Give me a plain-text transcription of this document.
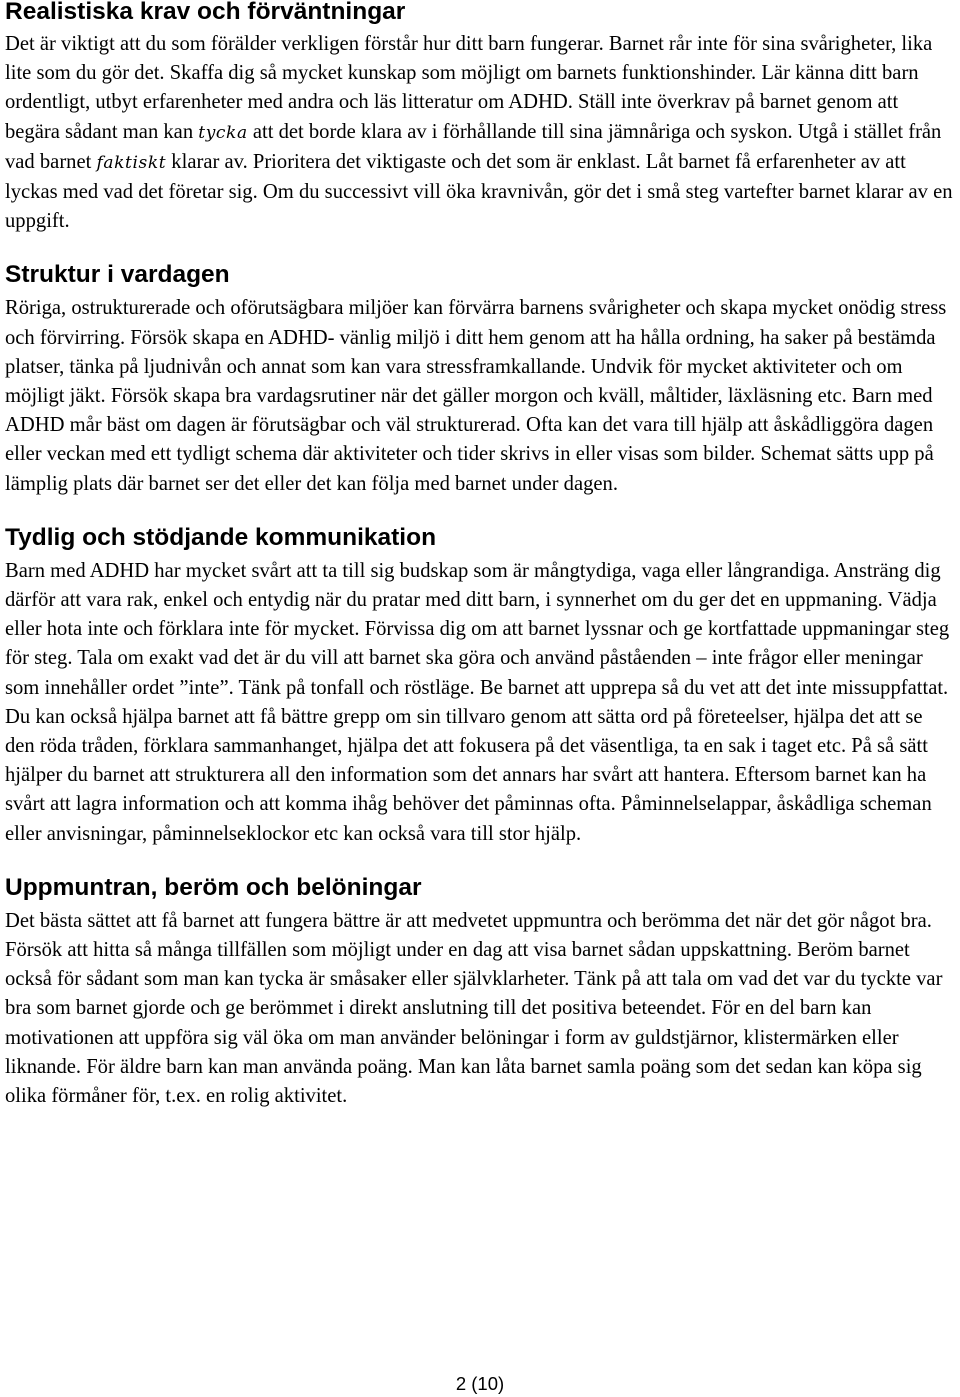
Realistiska krav och förväntningar

Det är viktigt att du som förälder verkligen förstår hur ditt barn fungerar. Barnet rår inte för sina svårigheter, lika lite som du gör det. Skaffa dig så mycket kunskap som möjligt om barnets funktionshinder. Lär känna ditt barn ordentligt, utbyt erfarenheter med andra och läs litteratur om ADHD. Ställ inte överkrav på barnet genom att begära sådant man kan tycka att det borde klara av i förhållande till sina jämnåriga och syskon. Utgå i stället från vad barnet faktiskt klarar av. Prioritera det viktigaste och det som är enklast. Låt barnet få erfarenheter av att lyckas med vad det företar sig. Om du successivt vill öka kravnivån, gör det i små steg vartefter barnet klarar av en uppgift.

Struktur i vardagen

Röriga, ostrukturerade och oförutsägbara miljöer kan förvärra barnens svårigheter och skapa mycket onödig stress och förvirring. Försök skapa en ADHD- vänlig miljö i ditt hem genom att ha hålla ordning, ha saker på bestämda platser, tänka på ljudnivån och annat som kan vara stressframkallande. Undvik för mycket aktiviteter och om möjligt jäkt. Försök skapa bra vardagsrutiner när det gäller morgon och kväll, måltider, läxläsning etc. Barn med ADHD mår bäst om dagen är förutsägbar och väl strukturerad. Ofta kan det vara till hjälp att åskådliggöra dagen eller veckan med ett tydligt schema där aktiviteter och tider skrivs in eller visas som bilder. Schemat sätts upp på lämplig plats där barnet ser det eller det kan följa med barnet under dagen.

Tydlig och stödjande kommunikation

Barn med ADHD har mycket svårt att ta till sig budskap som är mångtydiga, vaga eller långrandiga. Ansträng dig därför att vara rak, enkel och entydig när du pratar med ditt barn, i synnerhet om du ger det en uppmaning. Vädja eller hota inte och förklara inte för mycket. Förvissa dig om att barnet lyssnar och ge kortfattade uppmaningar steg för steg. Tala om exakt vad det är du vill att barnet ska göra och använd påståenden – inte frågor eller meningar som innehåller ordet ”inte”. Tänk på tonfall och röstläge. Be barnet att upprepa så du vet att det inte missuppfattat. Du kan också hjälpa barnet att få bättre grepp om sin tillvaro genom att sätta ord på företeelser, hjälpa det att se den röda tråden, förklara sammanhanget, hjälpa det att fokusera på det väsentliga, ta en sak i taget etc. På så sätt hjälper du barnet att strukturera all den information som det annars har svårt att hantera. Eftersom barnet kan ha svårt att lagra information och att komma ihåg behöver det påminnas ofta. Påminnelselappar, åskådliga scheman eller anvisningar, påminnelseklockor etc kan också vara till stor hjälp.

Uppmuntran, beröm och belöningar

Det bästa sättet att få barnet att fungera bättre är att medvetet uppmuntra och berömma det när det gör något bra. Försök att hitta så många tillfällen som möjligt under en dag att visa barnet sådan uppskattning. Beröm barnet också för sådant som man kan tycka är småsaker eller självklarheter. Tänk på att tala om vad det var du tyckte var bra som barnet gjorde och ge berömmet i direkt anslutning till det positiva beteendet. För en del barn kan motivationen att uppföra sig väl öka om man använder belöningar i form av guldstjärnor, klistermärken eller liknande. För äldre barn kan man använda poäng. Man kan låta barnet samla poäng som det sedan kan köpa sig olika förmåner för, t.ex. en rolig aktivitet.

2 (10)
